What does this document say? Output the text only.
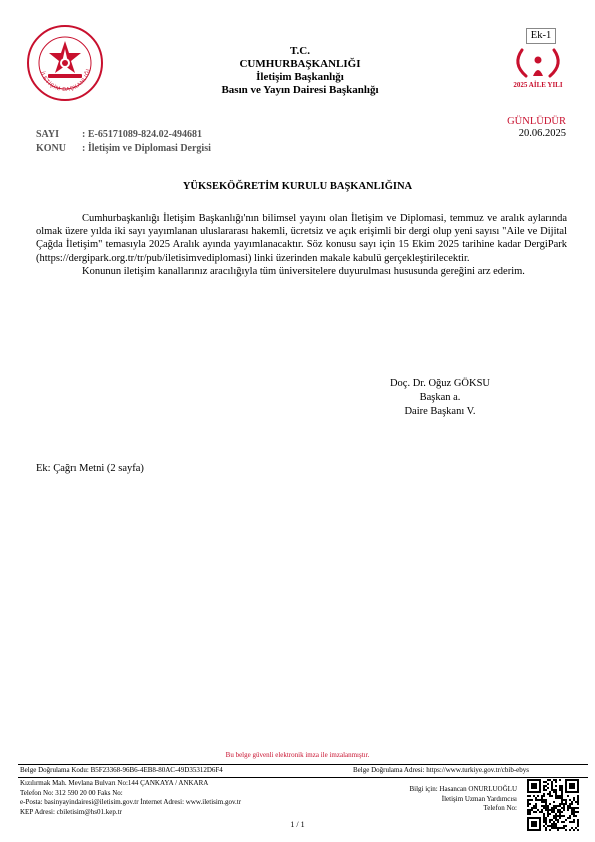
İLETİŞİM BAŞKANLIĞI
T.C.
CUMHURBAŞKANLIĞI
İletişim Başkanlığı
Basın ve Yayın Dairesi Başkanlığı
Ek-1
2025 AİLE YILI
GÜNLÜDÜR
20.06.2025
SAYI	: E-65171089-824.02-494681
KONU	: İletişim ve Diplomasi Dergisi
YÜKSEKÖĞRETİM KURULU BAŞKANLIĞINA

Cumhurbaşkanlığı İletişim Başkanlığı'nın bilimsel yayını olan İletişim ve Diplomasi, temmuz ve aralık aylarında olmak üzere yılda iki sayı yayımlanan uluslararası hakemli, ücretsiz ve açık erişimli bir dergi olup yeni sayısı "Aile ve Dijital Çağda İletişim" temasıyla 2025 Aralık ayında yayımlanacaktır. Söz konusu sayı için 15 Ekim 2025 tarihine kadar DergiPark (https://dergipark.org.tr/tr/pub/iletisimvediplomasi) linki üzerinden makale kabulü gerçekleştirilecektir.

Konunun iletişim kanallarınız aracılığıyla tüm üniversitelere duyurulması hususunda gereğini arz ederim.

Doç. Dr. Oğuz GÖKSU
Başkan a.
Daire Başkanı V.
Ek: Çağrı Metni (2 sayfa)
Bu belge güvenli elektronik imza ile imzalanmıştır.
Belge Doğrulama Kodu: B5F23368-96B6-4EB8-80AC-49D35312D6F4	Belge Doğrulama Adresi: https://www.turkiye.gov.tr/cbib-ebys
Kızılırmak Mah. Mevlana Bulvarı No:144 ÇANKAYA / ANKARA
Telefon No: 312 590 20 00 Faks No:
e-Posta: basinyayindairesi@iletisim.gov.tr İnternet Adresi: www.iletisim.gov.tr
KEP Adresi: cbiletisim@hs01.kep.tr
Bilgi için: Hasancan ONURLUOĞLU
İletişim Uzman Yardımcısı
Telefon No:
1 / 1
